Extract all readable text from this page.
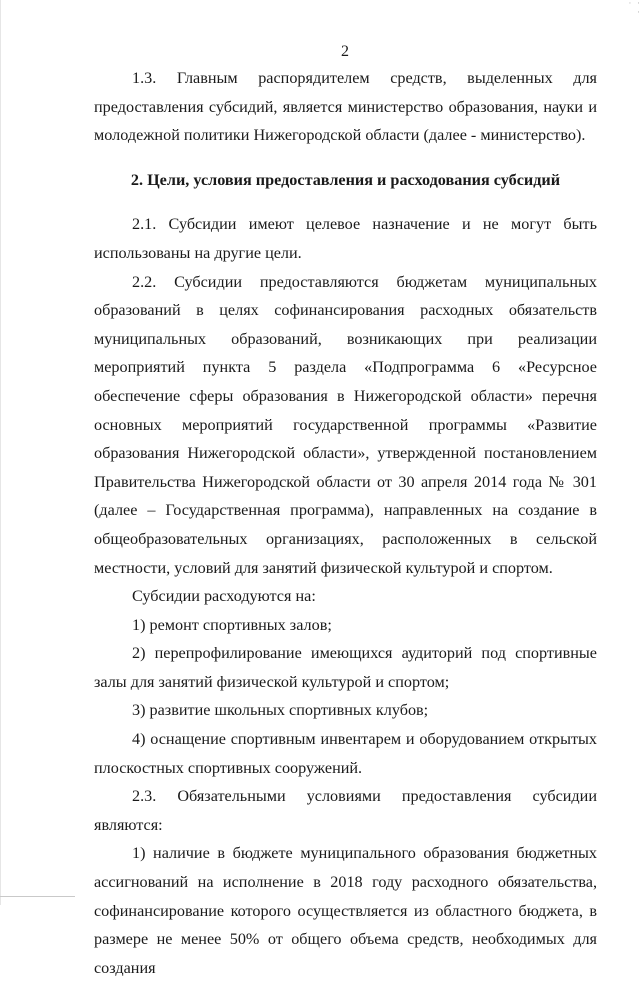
·  ·
·
2

1.3. Главным распорядителем средств, выделенных для предоставления субсидий, является министерство образования, науки и молодежной политики Нижегородской области (далее - министерство).

2. Цели, условия предоставления и расходования субсидий

2.1. Субсидии имеют целевое назначение и не могут быть использованы на другие цели.

2.2. Субсидии предоставляются бюджетам муниципальных образований в целях софинансирования расходных обязательств муниципальных образований, возникающих при реализации мероприятий пункта 5 раздела «Подпрограмма 6 «Ресурсное обеспечение сферы образования в Нижегородской области» перечня основных мероприятий государственной программы «Развитие образования Нижегородской области», утвержденной постановлением Правительства Нижегородской области от 30 апреля 2014 года № 301 (далее – Государственная программа), направленных на создание в общеобразовательных организациях, расположенных в сельской местности, условий для занятий физической культурой и спортом.

Субсидии расходуются на:

1) ремонт спортивных залов;

2) перепрофилирование имеющихся аудиторий под спортивные залы для занятий физической культурой и спортом;

3) развитие школьных спортивных клубов;

4) оснащение спортивным инвентарем и оборудованием открытых плоскостных спортивных сооружений.

2.3. Обязательными условиями предоставления субсидии являются:

1) наличие в бюджете муниципального образования бюджетных ассигнований на исполнение в 2018 году расходного обязательства, софинансирование которого осуществляется из областного бюджета, в размере не менее 50% от общего объема средств, необходимых для создания
